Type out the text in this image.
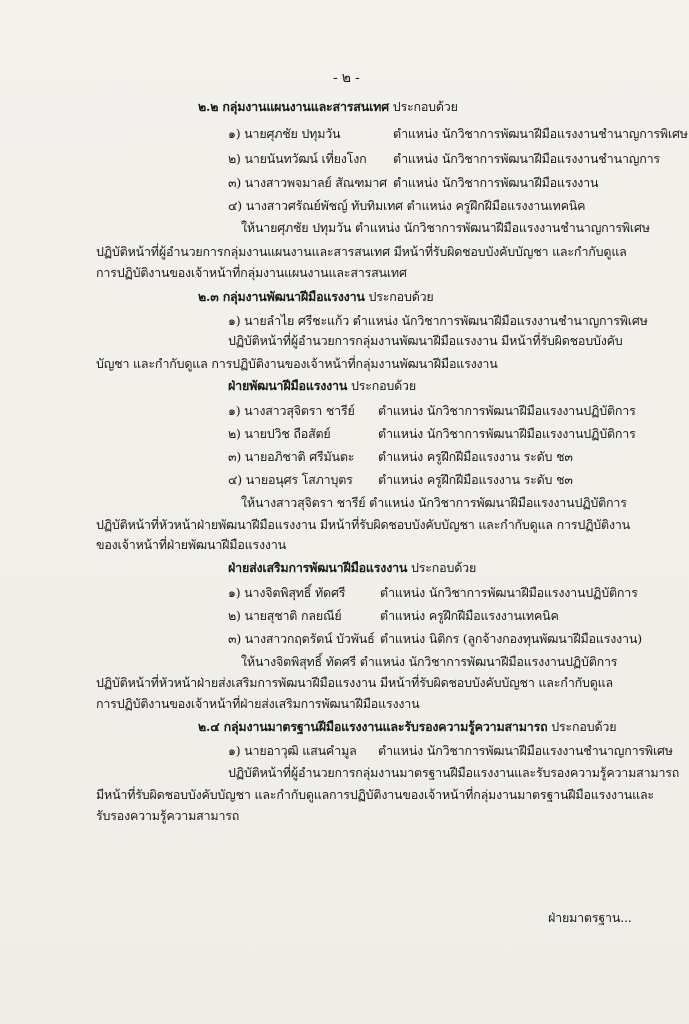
- ๒ -
๒.๒ กลุ่มงานแผนงานและสารสนเทศ ประกอบด้วย
๑) นายศุภชัย ปทุมวัน	ตำแหน่ง นักวิชาการพัฒนาฝีมือแรงงานชำนาญการพิเศษ
๒) นายนันทวัฒน์ เที่ยงโงก ตำแหน่ง นักวิชาการพัฒนาฝีมือแรงงานชำนาญการ
๓) นางสาวพจมาลย์ สัณฑมาศ ตำแหน่ง นักวิชาการพัฒนาฝีมือแรงงาน
๔) นางสาวศรัณย์พัชญ์ ทับทิมเทศ ตำแหน่ง ครูฝึกฝีมือแรงงานเทคนิค
ให้นายศุภชัย ปทุมวัน ตำแหน่ง นักวิชาการพัฒนาฝีมือแรงงานชำนาญการพิเศษ
ปฏิบัติหน้าที่ผู้อำนวยการกลุ่มงานแผนงานและสารสนเทศ มีหน้าที่รับผิดชอบบังคับบัญชา และกำกับดูแล
การปฏิบัติงานของเจ้าหน้าที่กลุ่มงานแผนงานและสารสนเทศ
๒.๓ กลุ่มงานพัฒนาฝีมือแรงงาน ประกอบด้วย
๑) นายลำไย ศรีชะแก้ว ตำแหน่ง นักวิชาการพัฒนาฝีมือแรงงานชำนาญการพิเศษ
ปฏิบัติหน้าที่ผู้อำนวยการกลุ่มงานพัฒนาฝีมือแรงงาน มีหน้าที่รับผิดชอบบังคับ
บัญชา และกำกับดูแล การปฏิบัติงานของเจ้าหน้าที่กลุ่มงานพัฒนาฝีมือแรงงาน
ฝ่ายพัฒนาฝีมือแรงงาน ประกอบด้วย
๑) นางสาวสุจิตรา ชารีย์ ตำแหน่ง นักวิชาการพัฒนาฝีมือแรงงานปฏิบัติการ
๒) นายปวิช ถือสัตย์	ตำแหน่ง นักวิชาการพัฒนาฝีมือแรงงานปฏิบัติการ
๓) นายอภิชาติ ศรีมันตะ ตำแหน่ง ครูฝึกฝีมือแรงงาน ระดับ ช๓
๔) นายอนุศร โสภาบุตร ตำแหน่ง ครูฝึกฝีมือแรงงาน ระดับ ช๓
ให้นางสาวสุจิตรา ชารีย์ ตำแหน่ง นักวิชาการพัฒนาฝีมือแรงงานปฏิบัติการ
ปฏิบัติหน้าที่หัวหน้าฝ่ายพัฒนาฝีมือแรงงาน มีหน้าที่รับผิดชอบบังคับบัญชา และกำกับดูแล การปฏิบัติงาน
ของเจ้าหน้าที่ฝ่ายพัฒนาฝีมือแรงงาน
ฝ่ายส่งเสริมการพัฒนาฝีมือแรงงาน ประกอบด้วย
๑) นางจิตพิสุทธิ์ ทัดศรี	ตำแหน่ง นักวิชาการพัฒนาฝีมือแรงงานปฏิบัติการ
๒) นายสุชาติ กลยณีย์	ตำแหน่ง ครูฝึกฝีมือแรงงานเทคนิค
๓) นางสาวกฤตรัตน์ บัวพันธ์ ตำแหน่ง นิติกร (ลูกจ้างกองทุนพัฒนาฝีมือแรงงาน)
ให้นางจิตพิสุทธิ์ ทัดศรี ตำแหน่ง นักวิชาการพัฒนาฝีมือแรงงานปฏิบัติการ
ปฏิบัติหน้าที่หัวหน้าฝ่ายส่งเสริมการพัฒนาฝีมือแรงงาน มีหน้าที่รับผิดชอบบังคับบัญชา และกำกับดูแล
การปฏิบัติงานของเจ้าหน้าที่ฝ่ายส่งเสริมการพัฒนาฝีมือแรงงาน
๒.๔ กลุ่มงานมาตรฐานฝีมือแรงงานและรับรองความรู้ความสามารถ ประกอบด้วย
๑) นายอาวุฒิ แสนคำมูล ตำแหน่ง นักวิชาการพัฒนาฝีมือแรงงานชำนาญการพิเศษ
ปฏิบัติหน้าที่ผู้อำนวยการกลุ่มงานมาตรฐานฝีมือแรงงานและรับรองความรู้ความสามารถ
มีหน้าที่รับผิดชอบบังคับบัญชา และกำกับดูแลการปฏิบัติงานของเจ้าหน้าที่กลุ่มงานมาตรฐานฝีมือแรงงานและ
รับรองความรู้ความสามารถ
ฝ่ายมาตรฐาน...
